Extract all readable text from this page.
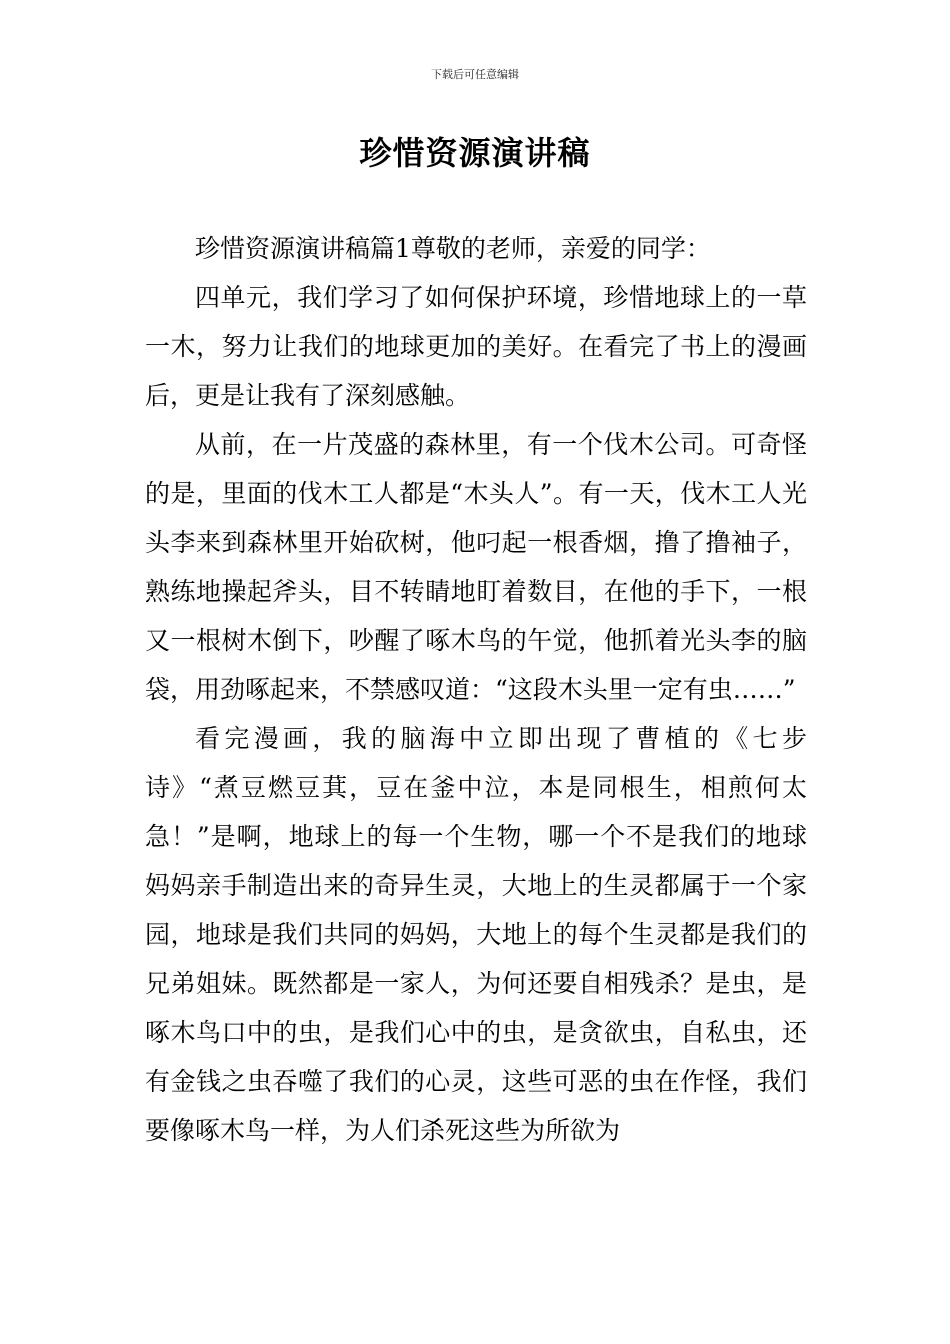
下载后可任意编辑
珍惜资源演讲稿

珍惜资源演讲稿篇1尊敬的老师，亲爱的同学：

四单元，我们学习了如何保护环境，珍惜地球上的一草一木，努力让我们的地球更加的美好。在看完了书上的漫画后，更是让我有了深刻感触。

从前，在一片茂盛的森林里，有一个伐木公司。可奇怪的是，里面的伐木工人都是“木头人”。有一天，伐木工人光头李来到森林里开始砍树，他叼起一根香烟，撸了撸袖子，熟练地操起斧头，目不转睛地盯着数目，在他的手下，一根又一根树木倒下，吵醒了啄木鸟的午觉，他抓着光头李的脑袋，用劲啄起来，不禁感叹道：“这段木头里一定有虫……”

看完漫画，我的脑海中立即出现了曹植的《七步诗》“煮豆燃豆萁，豆在釜中泣，本是同根生，相煎何太急！”是啊，地球上的每一个生物，哪一个不是我们的地球妈妈亲手制造出来的奇异生灵，大地上的生灵都属于一个家园，地球是我们共同的妈妈，大地上的每个生灵都是我们的兄弟姐妹。既然都是一家人，为何还要自相残杀？是虫，是啄木鸟口中的虫，是我们心中的虫，是贪欲虫，自私虫，还有金钱之虫吞噬了我们的心灵，这些可恶的虫在作怪，我们要像啄木鸟一样，为人们杀死这些为所欲为
